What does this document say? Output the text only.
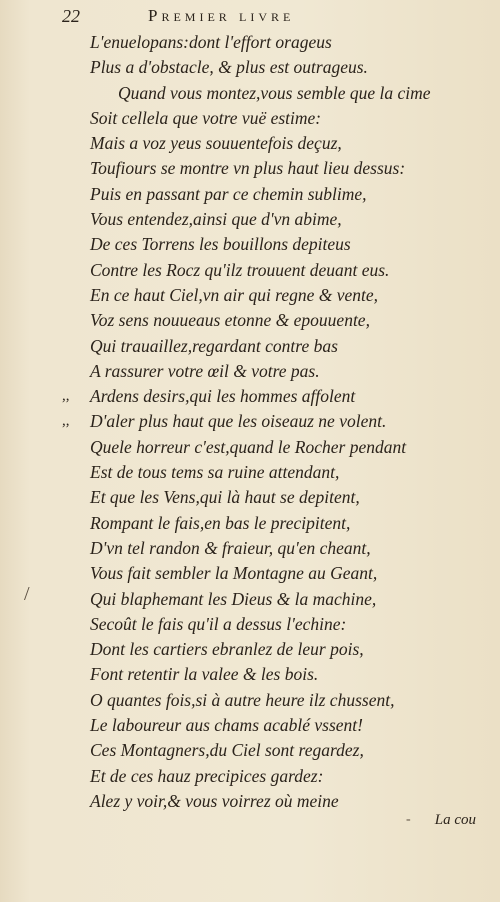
22	Premier livre
L'enuelopans:dont l'effort orageus
Plus a d'obstacle, & plus est outrageus.
Quand vous montez,vous semble que la cime
Soit cellela que votre vuë estime:
Mais a voz yeus souuentefois deçuz,
Toufiours se montre vn plus haut lieu dessus:
Puis en passant par ce chemin sublime,
Vous entendez,ainsi que d'vn abime,
De ces Torrens les bouillons depiteus
Contre les Rocz qu'ilz trouuent deuant eus.
En ce haut Ciel,vn air qui regne & vente,
Voz sens nouueaus etonne & epouuente,
Qui trauaillez,regardant contre bas
A rassurer votre œil & votre pas.
,, Ardens desirs,qui les hommes affolent
,, D'aler plus haut que les oiseauz ne volent.
Quele horreur c'est,quand le Rocher pendant
Est de tous tems sa ruine attendant,
Et que les Vens,qui là haut se depitent,
Rompant le fais,en bas le precipitent,
D'vn tel randon & fraieur, qu'en cheant,
Vous fait sembler la Montagne au Geant,
Qui blaphemant les Dieus & la machine,
Secoût le fais qu'il a dessus l'echine:
Dont les cartiers ebranlez de leur pois,
Font retentir la valee & les bois.
O quantes fois,si à autre heure ilz chussent,
Le laboureur aus chams acablé vssent!
Ces Montagners,du Ciel sont regardez,
Et de ces hauz precipices gardez:
Alez y voir,& vous voirrez où meine
/
- La cou
